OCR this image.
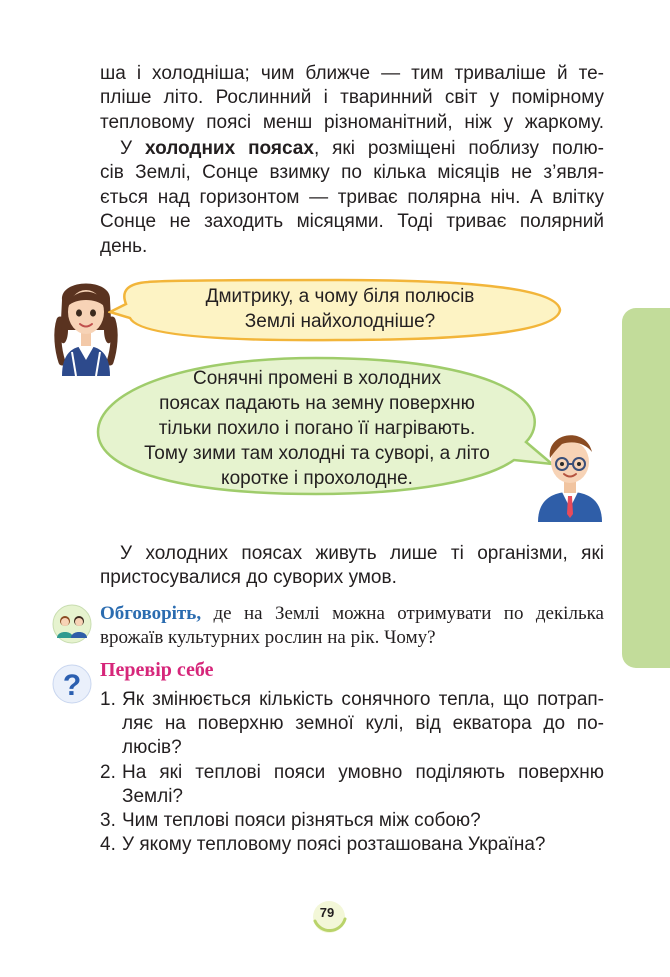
ша і холодніша; чим ближче — тим триваліше й те-
пліше літо. Рослинний і тваринний світ у помірному
тепловому поясі менш різноманітний, ніж у жаркому.

У холодних поясах, які розміщені поблизу полю-
сів Землі, Сонце взимку по кілька місяців не з’явля-
ється над горизонтом — триває полярна ніч. А влітку
Сонце не заходить місяцями. Тоді триває полярний
день.

Дмитрику, а чому біля полюсів
Землі найхолодніше?
Сонячні промені в холодних
поясах падають на земну поверхню
тільки похило і погано її нагрівають.
Тому зими там холодні та суворі, а літо
коротке і прохолодне.

У холодних поясах живуть лише ті організми, які
пристосувалися до суворих умов.

Обговоріть, де на Землі можна отримувати по декілька
врожаїв культурних рослин на рік. Чому?

? Перевір себе
1. Як змінюється кількість сонячного тепла, що потрап-
ляє на поверхню земної кулі, від екватора до по-
люсів?
2. На які теплові пояси умовно поділяють поверхню
Землі?
3. Чим теплові пояси різняться між собою?
4. У якому тепловому поясі розташована Україна?
79
